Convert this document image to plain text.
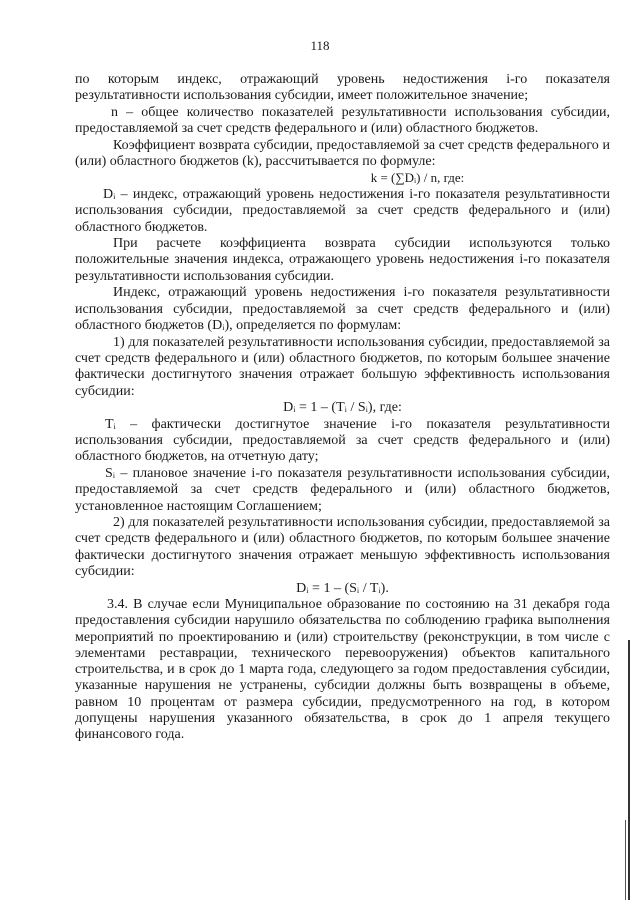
118

по которым индекс, отражающий уровень недостижения i-го показателя результативности использования субсидии, имеет положительное значение;

n – общее количество показателей результативности использования субсидии, предоставляемой за счет средств федерального и (или) областного бюджетов.

Коэффициент возврата субсидии, предоставляемой за счет средств федерального и (или) областного бюджетов (k), рассчитывается по формуле:

k = (∑Dᵢ) / n, где:

Dᵢ – индекс, отражающий уровень недостижения i-го показателя результативности использования субсидии, предоставляемой за счет средств федерального и (или) областного бюджетов.

При расчете коэффициента возврата субсидии используются только положительные значения индекса, отражающего уровень недостижения i-го показателя результативности использования субсидии.

Индекс, отражающий уровень недостижения i-го показателя результативности использования субсидии, предоставляемой за счет средств федерального и (или) областного бюджетов (Dᵢ), определяется по формулам:

1) для показателей результативности использования субсидии, предоставляемой за счет средств федерального и (или) областного бюджетов, по которым большее значение фактически достигнутого значения отражает большую эффективность использования субсидии:

Dᵢ = 1 – (Tᵢ / Sᵢ), где:

Tᵢ – фактически достигнутое значение i-го показателя результативности использования субсидии, предоставляемой за счет средств федерального и (или) областного бюджетов, на отчетную дату;

Sᵢ – плановое значение i-го показателя результативности использования субсидии, предоставляемой за счет средств федерального и (или) областного бюджетов, установленное настоящим Соглашением;

2) для показателей результативности использования субсидии, предоставляемой за счет средств федерального и (или) областного бюджетов, по которым большее значение фактически достигнутого значения отражает меньшую эффективность использования субсидии:

Dᵢ = 1 – (Sᵢ / Tᵢ).

3.4. В случае если Муниципальное образование по состоянию на 31 декабря года предоставления субсидии нарушило обязательства по соблюдению графика выполнения мероприятий по проектированию и (или) строительству (реконструкции, в том числе с элементами реставрации, технического перевооружения) объектов капитального строительства, и в срок до 1 марта года, следующего за годом предоставления субсидии, указанные нарушения не устранены, субсидии должны быть возвращены в объеме, равном 10 процентам от размера субсидии, предусмотренного на год, в котором допущены нарушения указанного обязательства, в срок до 1 апреля текущего финансового года.
